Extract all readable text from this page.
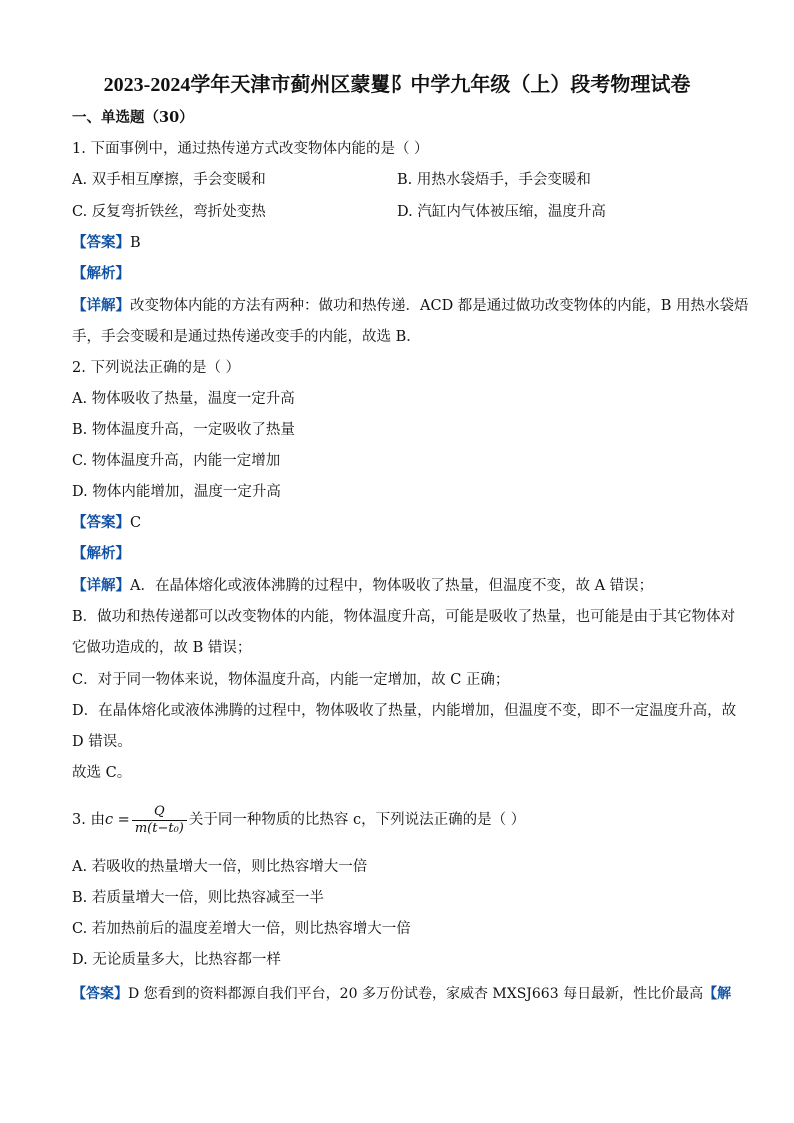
2023-2024学年天津市蓟州区蒙矍阝中学九年级（上）段考物理试卷
一、单选题（30）
1. 下面事例中，通过热传递方式改变物体内能的是（ ）
A. 双手相互摩擦，手会变暖和	B. 用热水袋焐手，手会变暖和
C. 反复弯折铁丝，弯折处变热	D. 汽缸内气体被压缩，温度升高
【答案】B
【解析】
【详解】改变物体内能的方法有两种：做功和热传递．ACD 都是通过做功改变物体的内能，B 用热水袋焐
手，手会变暖和是通过热传递改变手的内能，故选 B．
2. 下列说法正确的是（ ）
A. 物体吸收了热量，温度一定升高
B. 物体温度升高，一定吸收了热量
C. 物体温度升高，内能一定增加
D. 物体内能增加，温度一定升高
【答案】C
【解析】
【详解】A．在晶体熔化或液体沸腾的过程中，物体吸收了热量，但温度不变，故 A 错误；
B．做功和热传递都可以改变物体的内能，物体温度升高，可能是吸收了热量，也可能是由于其它物体对
它做功造成的，故 B 错误；
C．对于同一物体来说，物体温度升高，内能一定增加，故 C 正确；
D．在晶体熔化或液体沸腾的过程中，物体吸收了热量，内能增加，但温度不变，即不一定温度升高，故
D 错误。
故选 C。
3. 由$c = \frac{Q}{\text{m(t−t₀)}}$ 关于同一种物质的比热容 c，下列说法正确的是（ ）
A. 若吸收的热量增大一倍，则比热容增大一倍
B. 若质量增大一倍，则比热容减至一半
C. 若加热前后的温度差增大一倍，则比热容增大一倍
D. 无论质量多大，比热容都一样
【答案】D 您看到的资料都源自我们平台，20 多万份试卷，家威杏 MXSJ663 每日最新，性比价最高【解
